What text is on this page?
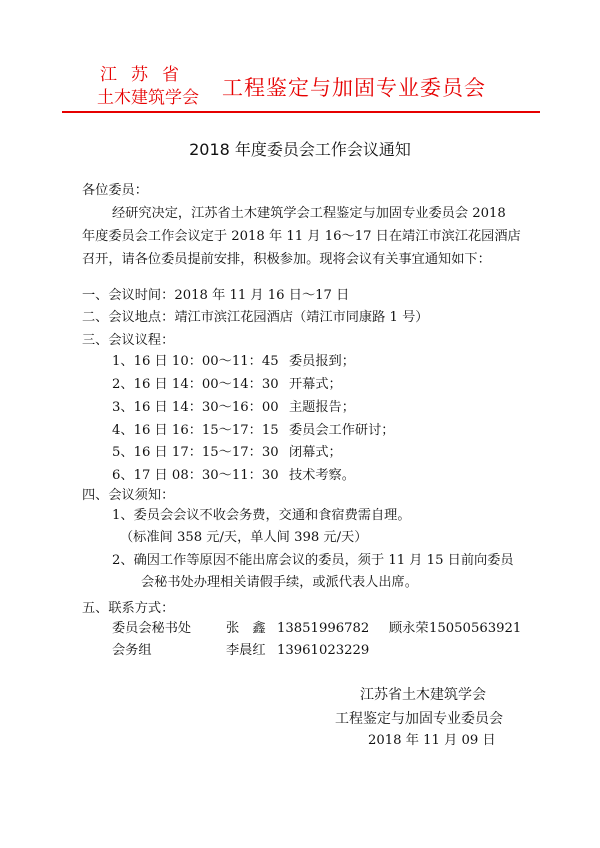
江苏省
土木建筑学会 工程鉴定与加固专业委员会
2018 年度委员会工作会议通知
各位委员：
经研究决定，江苏省土木建筑学会工程鉴定与加固专业委员会 2018
年度委员会工作会议定于 2018 年 11 月 16～17 日在靖江市滨江花园酒店
召开，请各位委员提前安排，积极参加。现将会议有关事宜通知如下：
一、会议时间：2018 年 11 月 16 日～17 日
二、会议地点：靖江市滨江花园酒店（靖江市同康路 1 号）
三、会议议程：
1、16 日 10：00～11：45 委员报到；
2、16 日 14：00～14：30 开幕式；
3、16 日 14：30～16：00 主题报告；
4、16 日 16：15～17：15 委员会工作研讨；
5、16 日 17：15～17：30 闭幕式；
6、17 日 08：30～11：30 技术考察。
四、会议须知：
1、委员会会议不收会务费，交通和食宿费需自理。
（标准间 358 元/天，单人间 398 元/天）
2、确因工作等原因不能出席会议的委员，须于 11 月 15 日前向委员
会秘书处办理相关请假手续，或派代表人出席。
五、联系方式：
委员会秘书处	张　鑫 13851996782 顾永荣 15050563921
会务组	李晨红 13961023229
江苏省土木建筑学会
工程鉴定与加固专业委员会
2018 年 11 月 09 日
